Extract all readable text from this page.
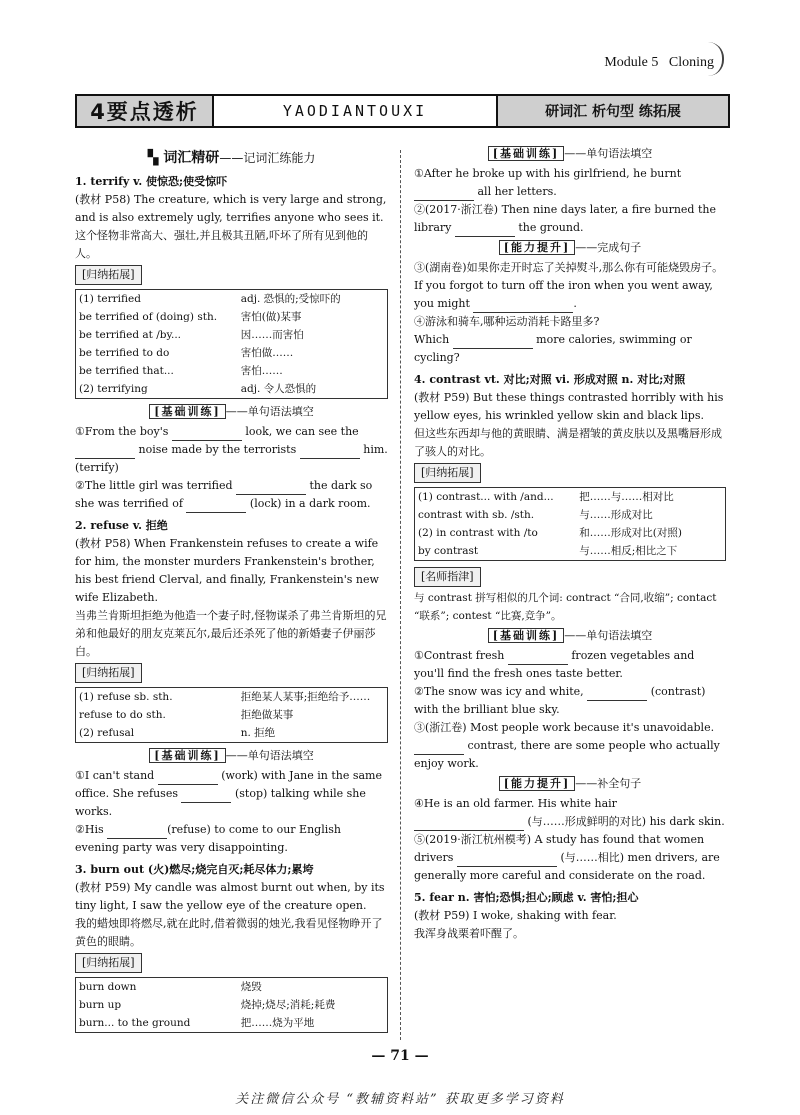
Module 5 Cloning
4要点透析	YAODIANTOUXI	研词汇 析句型 练拓展
▚ 词汇精研——记词汇练能力

1. terrify v. 使惊恐;使受惊吓

(教材 P58) The creature, which is very large and strong, and is also extremely ugly, terrifies anyone who sees it.

这个怪物非常高大、强壮,并且极其丑陋,吓坏了所有见到他的人。

[归纳拓展]
(1) terrified	adj. 恐惧的;受惊吓的
be terrified of (doing) sth.	害怕(做)某事
be terrified at /by...	因……而害怕
be terrified to do	害怕做……
be terrified that...	害怕……
(2) terrifying	adj. 令人恐惧的
[基础训练] ——单句语法填空

①From the boy's	look, we can see the  noise made by the terrorists	him. (terrify)

②The little girl was terrified	the dark so she was terrified of	(lock) in a dark room.

2. refuse v. 拒绝

(教材 P58) When Frankenstein refuses to create a wife for him, the monster murders Frankenstein's brother, his best friend Clerval, and finally, Frankenstein's new wife Elizabeth.

当弗兰肯斯坦拒绝为他造一个妻子时,怪物谋杀了弗兰肯斯坦的兄弟和他最好的朋友克莱瓦尔,最后还杀死了他的新婚妻子伊丽莎白。

[归纳拓展]
(1) refuse sb. sth.	拒绝某人某事;拒绝给予……
refuse to do sth.	拒绝做某事
(2) refusal	n. 拒绝
[基础训练] ——单句语法填空

①I can't stand	(work) with Jane in the same office. She refuses	(stop) talking while she works.

②His	(refuse) to come to our English evening party was very disappointing.

3. burn out (火)燃尽;烧完自灭;耗尽体力;累垮

(教材 P59) My candle was almost burnt out when, by its tiny light, I saw the yellow eye of the creature open.

我的蜡烛即将燃尽,就在此时,借着微弱的烛光,我看见怪物睁开了黄色的眼睛。

[归纳拓展]
burn down	烧毁
burn up	烧掉;烧尽;消耗;耗费
burn... to the ground	把……烧为平地
[基础训练] ——单句语法填空

①After he broke up with his girlfriend, he burnt  all her letters.

②(2017·浙江卷) Then nine days later, a fire burned the library	the ground.

[能力提升] ——完成句子

③(湖南卷)如果你走开时忘了关掉熨斗,那么你有可能烧毁房子。

If you forgot to turn off the iron when you went away, you might	.

④游泳和骑车,哪种运动消耗卡路里多?

Which	more calories, swimming or cycling?

4. contrast vt. 对比;对照 vi. 形成对照 n. 对比;对照

(教材 P59) But these things contrasted horribly with his yellow eyes, his wrinkled yellow skin and black lips.

但这些东西却与他的黄眼睛、满是褶皱的黄皮肤以及黑嘴唇形成了骇人的对比。

[归纳拓展]
(1) contrast... with /and...	把……与……相对比
contrast with sb. /sth.	与……形成对比
(2) in contrast with /to	和……形成对比(对照)
by contrast	与……相反;相比之下
[名师指津]

与 contrast 拼写相似的几个词: contract “合同,收缩”; contact “联系”; contest “比赛,竞争”。

[基础训练] ——单句语法填空

①Contrast fresh	frozen vegetables and you'll find the fresh ones taste better.

②The snow was icy and white,	(contrast) with the brilliant blue sky.

③(浙江卷) Most people work because it's unavoidable.  contrast, there are some people who actually enjoy work.

[能力提升] ——补全句子

④He is an old farmer. His white hair  (与……形成鲜明的对比) his dark skin.

⑤(2019·浙江杭州模考) A study has found that women drivers	(与……相比) men drivers, are generally more careful and considerate on the road.

5. fear n. 害怕;恐惧;担心;顾虑 v. 害怕;担心

(教材 P59) I woke, shaking with fear.

我浑身战栗着吓醒了。

— 71 —
关注微信公众号 “教辅资料站” 获取更多学习资料
